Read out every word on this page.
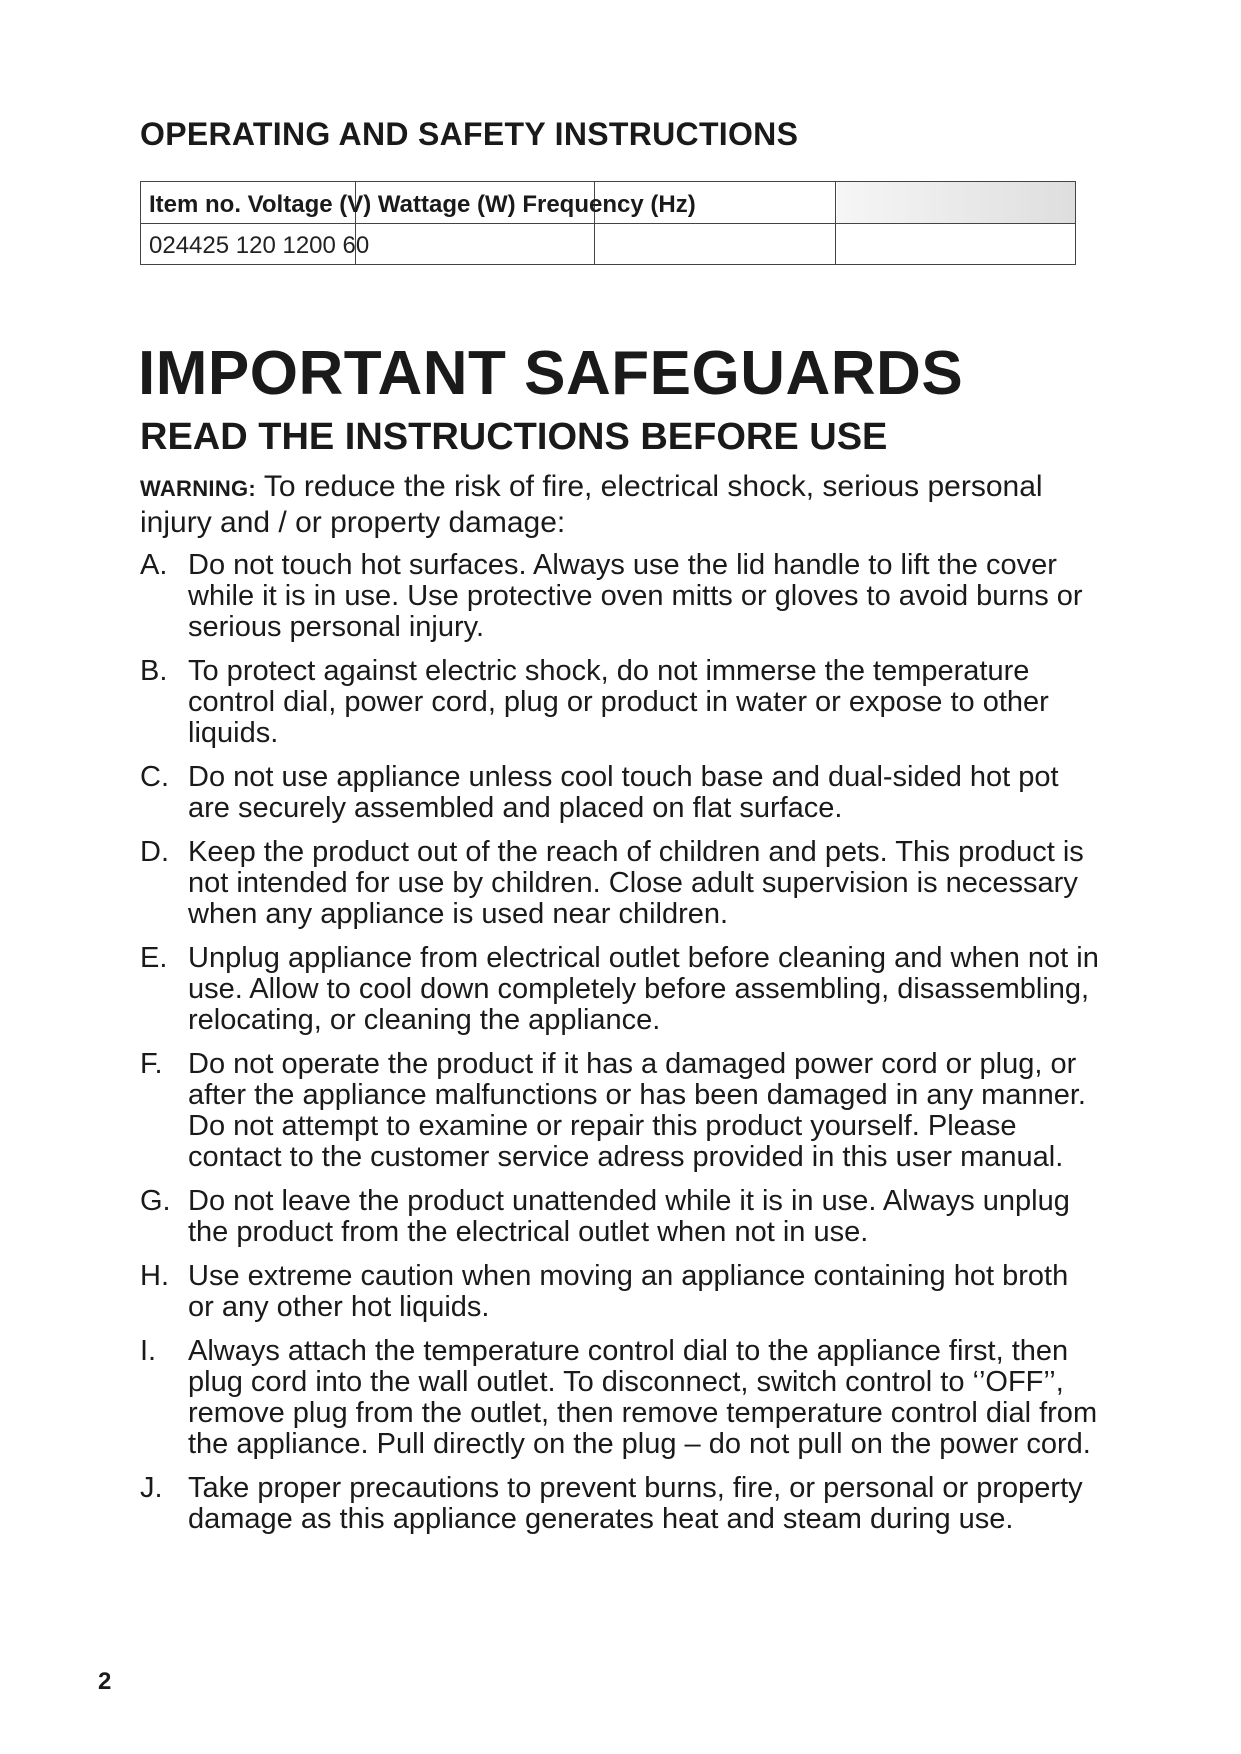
OPERATING AND SAFETY INSTRUCTIONS
Item no. Voltage (V) Wattage (W) Frequency (Hz)
024425 120 1200 60
IMPORTANT SAFEGUARDS
READ THE INSTRUCTIONS BEFORE USE

WARNING: To reduce the risk of fire, electrical shock, serious personal injury and / or property damage:

A. Do not touch hot surfaces. Always use the lid handle to lift the cover while it is in use. Use protective oven mitts or gloves to avoid burns or serious personal injury.
B. To protect against electric shock, do not immerse the temperature control dial, power cord, plug or product in water or expose to other liquids.
C. Do not use appliance unless cool touch base and dual-sided hot pot are securely assembled and placed on flat surface.
D. Keep the product out of the reach of children and pets. This product is not intended for use by children. Close adult supervision is necessary when any appliance is used near children.
E. Unplug appliance from electrical outlet before cleaning and when not in use. Allow to cool down completely before assembling, disassembling, relocating, or cleaning the appliance.
F. Do not operate the product if it has a damaged power cord or plug, or after the appliance malfunctions or has been damaged in any manner. Do not attempt to examine or repair this product yourself. Please contact to the customer service adress provided in this user manual.
G. Do not leave the product unattended while it is in use. Always unplug the product from the electrical outlet when not in use.
H. Use extreme caution when moving an appliance containing hot broth or any other hot liquids.
I. Always attach the temperature control dial to the appliance first, then plug cord into the wall outlet. To disconnect, switch control to ‘’OFF’’, remove plug from the outlet, then remove temperature control dial from the appliance. Pull directly on the plug – do not pull on the power cord.
J. Take proper precautions to prevent burns, fire, or personal or property damage as this appliance generates heat and steam during use.
2
